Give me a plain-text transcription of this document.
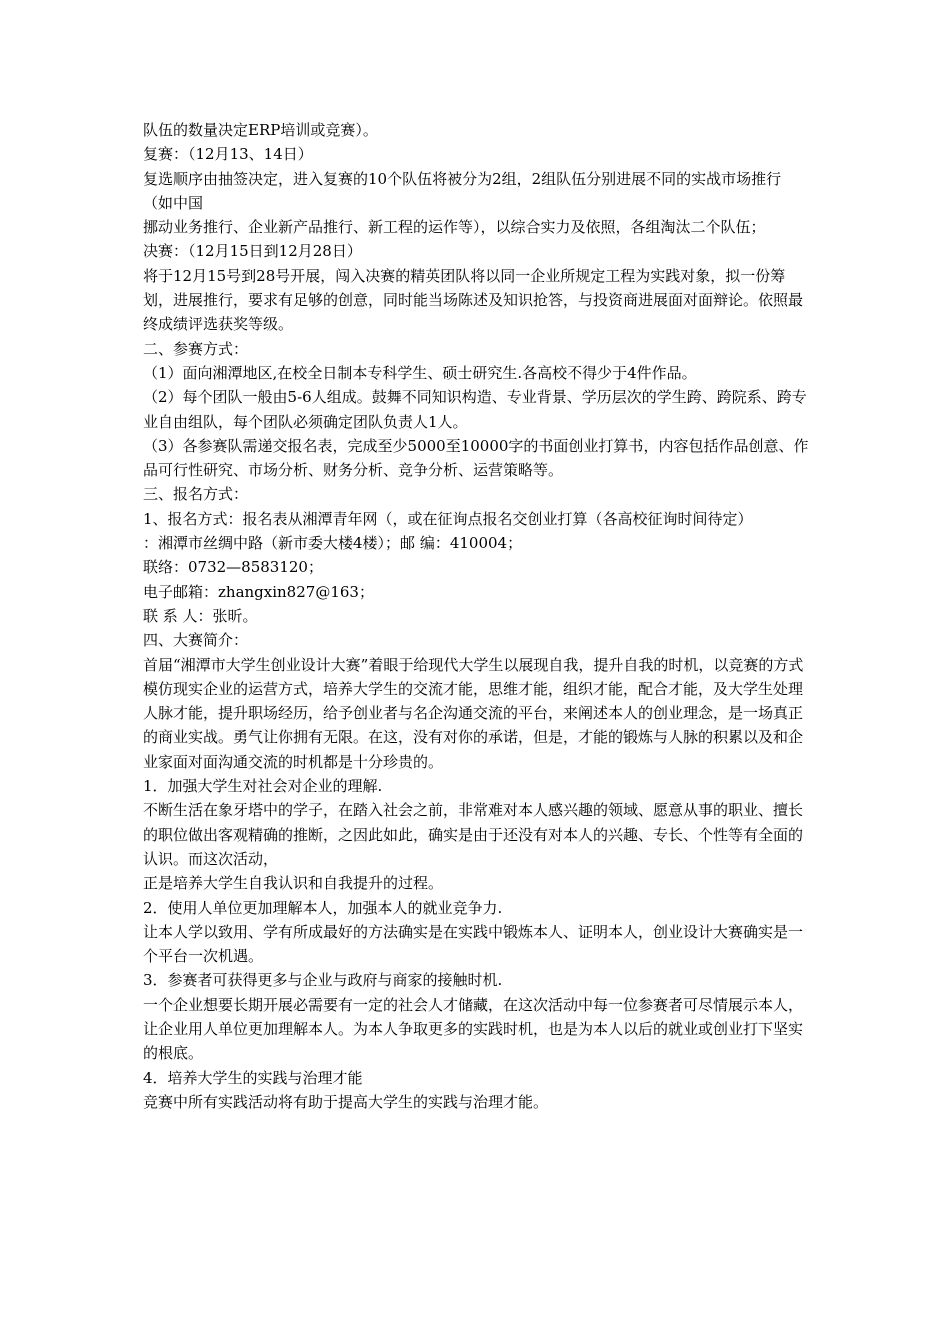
队伍的数量决定ERP培训或竞赛）。

复赛：（12月13、14日）

复选顺序由抽签决定，进入复赛的10个队伍将被分为2组，2组队伍分别进展不同的实战市场推行（如中国

挪动业务推行、企业新产品推行、新工程的运作等），以综合实力及依照，各组淘汰二个队伍；

决赛：（12月15日到12月28日）

将于12月15号到28号开展，闯入决赛的精英团队将以同一企业所规定工程为实践对象，拟一份筹划，进展推行，要求有足够的创意，同时能当场陈述及知识抢答，与投资商进展面对面辩论。依照最终成绩评选获奖等级。

二、参赛方式：

（1）面向湘潭地区,在校全日制本专科学生、硕士研究生.各高校不得少于4件作品。

（2）每个团队一般由5-6人组成。鼓舞不同知识构造、专业背景、学历层次的学生跨、跨院系、跨专业自由组队，每个团队必须确定团队负责人1人。

（3）各参赛队需递交报名表，完成至少5000至10000字的书面创业打算书，内容包括作品创意、作品可行性研究、市场分析、财务分析、竞争分析、运营策略等。

三、报名方式：

1、报名方式：报名表从湘潭青年网（，或在征询点报名交创业打算（各高校征询时间待定）

：湘潭市丝绸中路（新市委大楼4楼）；邮 编：410004；

联络：0732—8583120；

电子邮箱：zhangxin827@163；

联 系 人：张昕。

四、大赛简介：

首届“湘潭市大学生创业设计大赛”着眼于给现代大学生以展现自我，提升自我的时机，以竞赛的方式模仿现实企业的运营方式，培养大学生的交流才能，思维才能，组织才能，配合才能，及大学生处理人脉才能，提升职场经历，给予创业者与名企沟通交流的平台，来阐述本人的创业理念，是一场真正的商业实战。勇气让你拥有无限。在这，没有对你的承诺，但是，才能的锻炼与人脉的积累以及和企业家面对面沟通交流的时机都是十分珍贵的。

1．加强大学生对社会对企业的理解.

不断生活在象牙塔中的学子，在踏入社会之前，非常难对本人感兴趣的领域、愿意从事的职业、擅长的职位做出客观精确的推断，之因此如此，确实是由于还没有对本人的兴趣、专长、个性等有全面的认识。而这次活动，

正是培养大学生自我认识和自我提升的过程。

2．使用人单位更加理解本人，加强本人的就业竞争力.

让本人学以致用、学有所成最好的方法确实是在实践中锻炼本人、证明本人，创业设计大赛确实是一个平台一次机遇。

3．参赛者可获得更多与企业与政府与商家的接触时机.

一个企业想要长期开展必需要有一定的社会人才储藏，在这次活动中每一位参赛者可尽情展示本人，让企业用人单位更加理解本人。为本人争取更多的实践时机，也是为本人以后的就业或创业打下坚实的根底。

4．培养大学生的实践与治理才能

竞赛中所有实践活动将有助于提高大学生的实践与治理才能。
